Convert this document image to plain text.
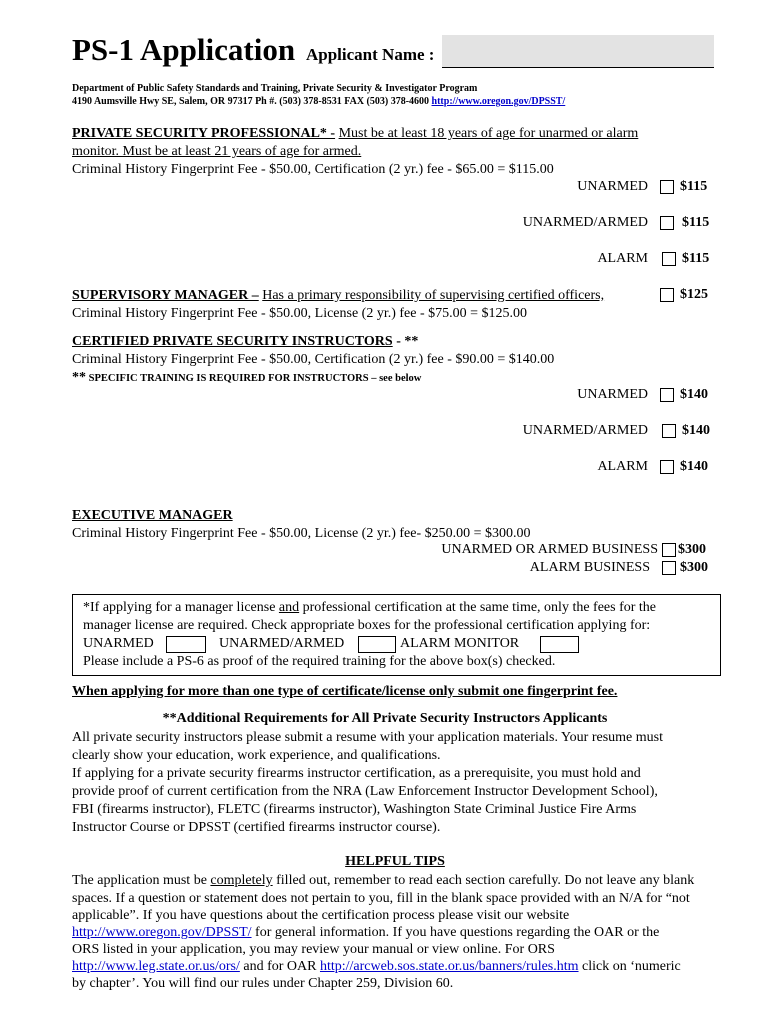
PS-1 Application Applicant Name :
Department of Public Safety Standards and Training, Private Security & Investigator Program
4190 Aumsville Hwy SE, Salem, OR 97317 Ph #. (503) 378-8531 FAX (503) 378-4600 http://www.oregon.gov/DPSST/
PRIVATE SECURITY PROFESSIONAL* - Must be at least 18 years of age for unarmed or alarm
monitor. Must be at least 21 years of age for armed.
Criminal History Fingerprint Fee - $50.00, Certification (2 yr.) fee - $65.00 = $115.00
UNARMED $115
UNARMED/ARMED $115
ALARM $115
SUPERVISORY MANAGER – Has a primary responsibility of supervising certified officers,	$125
Criminal History Fingerprint Fee - $50.00, License (2 yr.) fee - $75.00 = $125.00
CERTIFIED PRIVATE SECURITY INSTRUCTORS - **
Criminal History Fingerprint Fee - $50.00, Certification (2 yr.) fee - $90.00 = $140.00
** SPECIFIC TRAINING IS REQUIRED FOR INSTRUCTORS – see below
UNARMED $140
UNARMED/ARMED $140
ALARM $140
EXECUTIVE MANAGER
Criminal History Fingerprint Fee - $50.00, License (2 yr.) fee- $250.00 = $300.00
UNARMED OR ARMED BUSINESS $300
ALARM BUSINESS $300
*If applying for a manager license and professional certification at the same time, only the fees for the
manager license are required. Check appropriate boxes for the professional certification applying for:
UNARMED	UNARMED/ARMED	ALARM MONITOR
Please include a PS-6 as proof of the required training for the above box(s) checked.
When applying for more than one type of certificate/license only submit one fingerprint fee.
**Additional Requirements for All Private Security Instructors Applicants
All private security instructors please submit a resume with your application materials. Your resume must
clearly show your education, work experience, and qualifications.
If applying for a private security firearms instructor certification, as a prerequisite, you must hold and
provide proof of current certification from the NRA (Law Enforcement Instructor Development School),
FBI (firearms instructor), FLETC (firearms instructor), Washington State Criminal Justice Fire Arms
Instructor Course or DPSST (certified firearms instructor course).
HELPFUL TIPS
The application must be completely filled out, remember to read each section carefully. Do not leave any blank
spaces. If a question or statement does not pertain to you, fill in the blank space provided with an N/A for “not
applicable”. If you have questions about the certification process please visit our website
http://www.oregon.gov/DPSST/ for general information. If you have questions regarding the OAR or the
ORS listed in your application, you may review your manual or view online. For ORS
http://www.leg.state.or.us/ors/ and for OAR http://arcweb.sos.state.or.us/banners/rules.htm click on ‘numeric
by chapter’. You will find our rules under Chapter 259, Division 60.
